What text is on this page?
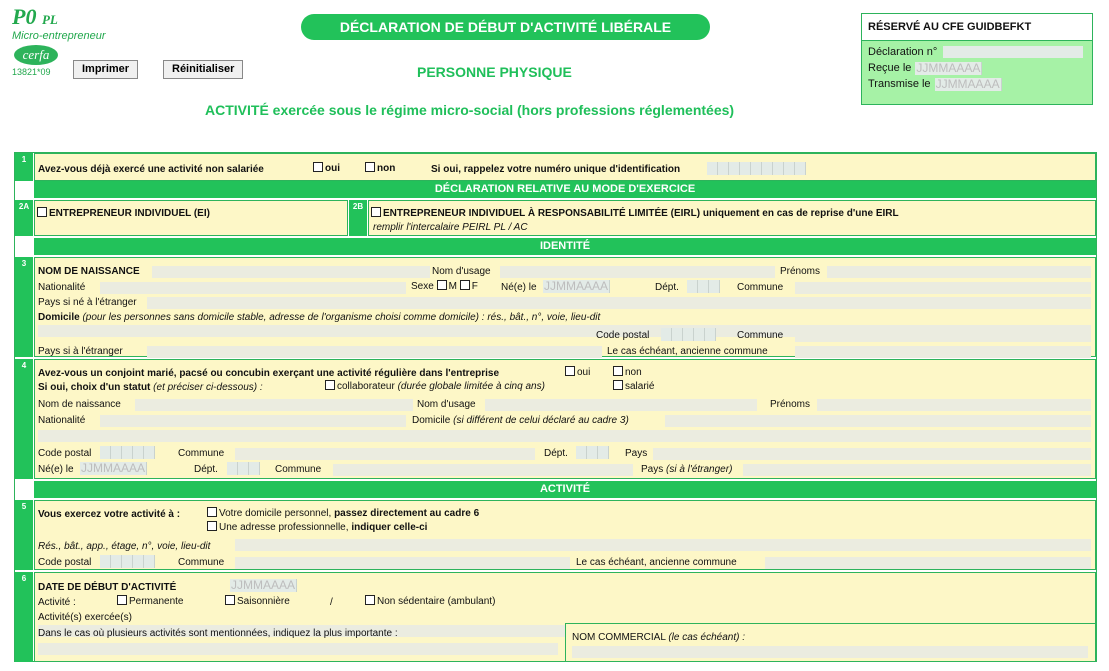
P0 PL
Micro-entrepreneur
cerfa
13821*09	Imprimer	Réinitialiser
DÉCLARATION DE DÉBUT D'ACTIVITÉ LIBÉRALE
PERSONNE PHYSIQUE
ACTIVITÉ exercée sous le régime micro-social (hors professions réglementées)
RÉSERVÉ AU CFE GUIDBEFKT
Déclaration n°
Reçue le JJMMAAAA
Transmise le JJMMAAAA
1
Avez-vous déjà exercé une activité non salariée	oui	non	Si oui, rappelez votre numéro unique d'identification
DÉCLARATION RELATIVE AU MODE D'EXERCICE
2A
ENTREPRENEUR INDIVIDUEL (EI)
2B
ENTREPRENEUR INDIVIDUEL À RESPONSABILITÉ LIMITÉE (EIRL) uniquement en cas de reprise d'une EIRL
remplir l'intercalaire PEIRL PL / AC
IDENTITÉ
3
NOM DE NAISSANCE	Nom d'usage	Prénoms
Nationalité	Sexe M F Né(e) le JJMMAAAA	Dépt.	Commune
Pays si né à l'étranger
Domicile (pour les personnes sans domicile stable, adresse de l'organisme choisi comme domicile) : rés., bât., n°, voie, lieu-dit
Code postal	Commune
Pays si à l'étranger	Le cas échéant, ancienne commune
4
Avez-vous un conjoint marié, pacsé ou concubin exerçant une activité régulière dans l'entreprise	oui	non
Si oui, choix d'un statut (et préciser ci-dessous) :	collaborateur (durée globale limitée à cinq ans)	salarié
Nom de naissance	Nom d'usage	Prénoms
Nationalité	Domicile (si différent de celui déclaré au cadre 3)
Code postal	Commune	Dépt.	Pays
Né(e) le JJMMAAAA	Dépt.	Commune	Pays (si à l'étranger)
ACTIVITÉ
5
Vous exercez votre activité à :	Votre domicile personnel, passez directement au cadre 6
Une adresse professionnelle, indiquer celle-ci
Rés., bât., app., étage, n°, voie, lieu-dit
Code postal	Commune	Le cas échéant, ancienne commune
6
DATE DE DÉBUT D'ACTIVITÉ	JJMMAAAA
Activité :	Permanente	Saisonnière	/	Non sédentaire (ambulant)
Activité(s) exercée(s)
Dans le cas où plusieurs activités sont mentionnées, indiquez la plus importante :	NOM COMMERCIAL (le cas échéant) :
